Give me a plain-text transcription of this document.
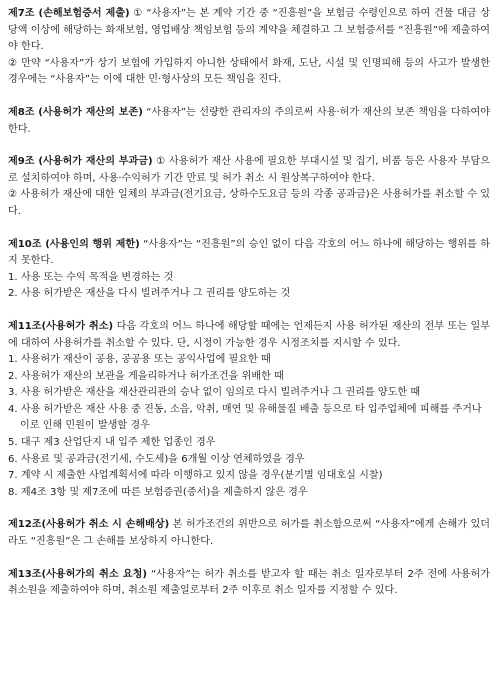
제7조 (손해보험증서 제출) ① “사용자”는 본 계약 기간 중 “진흥원”을 보험금 수령인으로 하여 건물 대금 상당액 이상에 해당하는 화재보험, 영업배상 책임보험 등의 계약을 체결하고 그 보험증서를 “진흥원”에 제출하여야 한다.

② 만약 “사용자”가 상기 보험에 가입하지 아니한 상태에서 화재, 도난, 시설 및 인명피해 등의 사고가 발생한 경우에는 “사용자”는 이에 대한 민·형사상의 모든 책임을 진다.

제8조 (사용허가 재산의 보존) “사용자”는 선량한 관리자의 주의로써 사용·허가 재산의 보존 책임을 다하여야 한다.

제9조 (사용허가 재산의 부과금) ① 사용허가 재산 사용에 필요한 부대시설 및 집기, 비품 등은 사용자 부담으로 설치하여야 하며, 사용·수익허가 기간 만료 및 허가 취소 시 원상복구하여야 한다.

② 사용허가 재산에 대한 일체의 부과금(전기요금, 상하수도요금 등의 각종 공과금)은 사용허가를 취소할 수 있다.

제10조 (사용인의 행위 제한) “사용자”는 “진흥원”의 승인 없이 다음 각호의 어느 하나에 해당하는 행위를 하지 못한다.

1. 사용 또는 수익 목적을 변경하는 것
2. 사용 허가받은 재산을 다시 빌려주거나 그 권리를 양도하는 것

제11조(사용허가 취소) 다음 각호의 어느 하나에 해당할 때에는 언제든지 사용 허가된 재산의 전부 또는 일부에 대하여 사용허가를 취소할 수 있다. 단, 시정이 가능한 경우 시정조치를 지시할 수 있다.

1. 사용허가 재산이 공용, 공공용 또는 공익사업에 필요한 때
2. 사용허가 재산의 보관을 게을리하거나 허가조건을 위배한 때
3. 사용 허가받은 재산을 재산관리관의 승낙 없이 임의로 다시 빌려주거나 그 권리를 양도한 때
4. 사용 허가받은 재산 사용 중 진동, 소음, 악취, 매연 및 유해물질 배출 등으로 타 입주업체에 피해를 주거나 이로 인해 민원이 발생할 경우
5. 대구 제3 산업단지 내 입주 제한 업종인 경우
6. 사용료 및 공과금(전기세, 수도세)을 6개월 이상 연체하였을 경우
7. 계약 시 제출한 사업계획서에 따라 이행하고 있지 않을 경우(분기별 임대호실 시찰)
8. 제4조 3항 및 제7조에 따른 보험증권(증서)을 제출하지 않은 경우

제12조(사용허가 취소 시 손해배상) 본 허가조건의 위반으로 허가를 취소함으로써 “사용자”에게 손해가 있더라도 “진흥원”은 그 손해를 보상하지 아니한다.

제13조(사용허가의 취소 요청) “사용자”는 허가 취소를 받고자 할 때는 취소 일자로부터 2주 전에 사용허가 취소원을 제출하여야 하며, 취소원 제출일로부터 2주 이후로 취소 일자를 지정할 수 있다.
